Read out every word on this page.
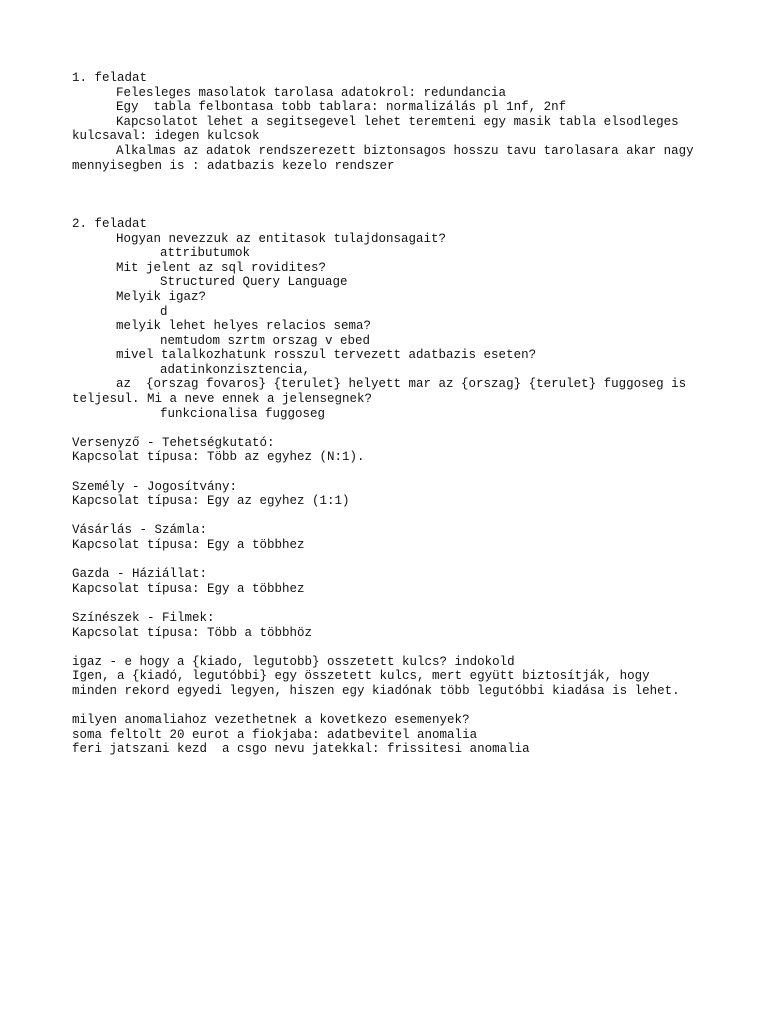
1. feladat
Felesleges masolatok tarolasa adatokrol: redundancia
Egy  tabla felbontasa tobb tablara: normalizálás pl 1nf, 2nf
Kapcsolatot lehet a segitsegevel lehet teremteni egy masik tabla elsodleges
kulcsaval: idegen kulcsok
Alkalmas az adatok rendszerezett biztonsagos hosszu tavu tarolasara akar nagy
mennyisegben is : adatbazis kezelo rendszer
2. feladat
Hogyan nevezzuk az entitasok tulajdonsagait?
attributumok
Mit jelent az sql rovidites?
Structured Query Language
Melyik igaz?
d
melyik lehet helyes relacios sema?
nemtudom szrtm orszag v ebed
mivel talalkozhatunk rosszul tervezett adatbazis eseten?
adatinkonzisztencia,
az  {orszag fovaros} {terulet} helyett mar az {orszag} {terulet} fuggoseg is
teljesul. Mi a neve ennek a jelensegnek?
funkcionalisa fuggoseg
Versenyző - Tehetségkutató:
Kapcsolat típusa: Több az egyhez (N:1).
Személy - Jogosítvány:
Kapcsolat típusa: Egy az egyhez (1:1)
Vásárlás - Számla:
Kapcsolat típusa: Egy a többhez
Gazda - Háziállat:
Kapcsolat típusa: Egy a többhez
Színészek - Filmek:
Kapcsolat típusa: Több a többhöz
igaz - e hogy a {kiado, legutobb} osszetett kulcs? indokold
Igen, a {kiadó, legutóbbi} egy összetett kulcs, mert együtt biztosítják, hogy
minden rekord egyedi legyen, hiszen egy kiadónak több legutóbbi kiadása is lehet.
milyen anomaliahoz vezethetnek a kovetkezo esemenyek?
soma feltolt 20 eurot a fiokjaba: adatbevitel anomalia
feri jatszani kezd  a csgo nevu jatekkal: frissitesi anomalia
